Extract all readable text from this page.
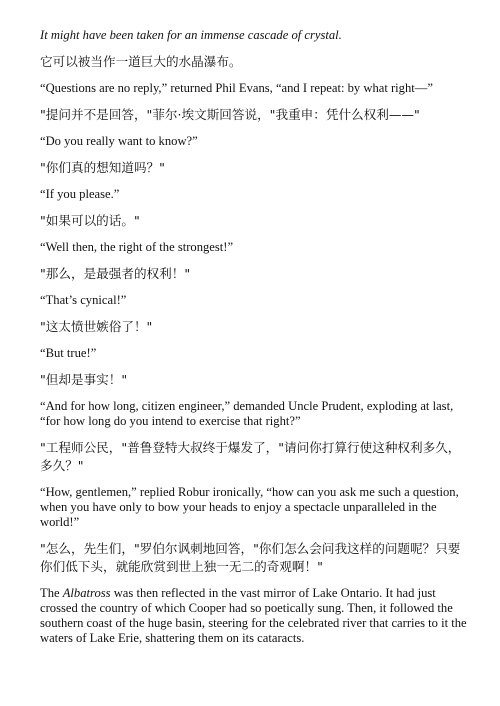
It might have been taken for an immense cascade of crystal.

它可以被当作一道巨大的水晶瀑布。

“Questions are no reply,” returned Phil Evans, “and I repeat: by what right—”

"提问并不是回答，"菲尔·埃文斯回答说，"我重申：凭什么权利——"

“Do you really want to know?”

"你们真的想知道吗？"

“If you please.”

"如果可以的话。"

“Well then, the right of the strongest!”

"那么，是最强者的权利！"

“That’s cynical!”

"这太愤世嫉俗了！"

“But true!”

"但却是事实！"

“And for how long, citizen engineer,” demanded Uncle Prudent, exploding at last, “for how long do you intend to exercise that right?”

"工程师公民，"普鲁登特大叔终于爆发了，"请问你打算行使这种权利多久，多久？"

“How, gentlemen,” replied Robur ironically, “how can you ask me such a question, when you have only to bow your heads to enjoy a spectacle unparalleled in the world!”

"怎么，先生们，"罗伯尔讽刺地回答，"你们怎么会问我这样的问题呢？只要你们低下头，就能欣赏到世上独一无二的奇观啊！"

The Albatross was then reflected in the vast mirror of Lake Ontario. It had just crossed the country of which Cooper had so poetically sung. Then, it followed the southern coast of the huge basin, steering for the celebrated river that carries to it the waters of Lake Erie, shattering them on its cataracts.
